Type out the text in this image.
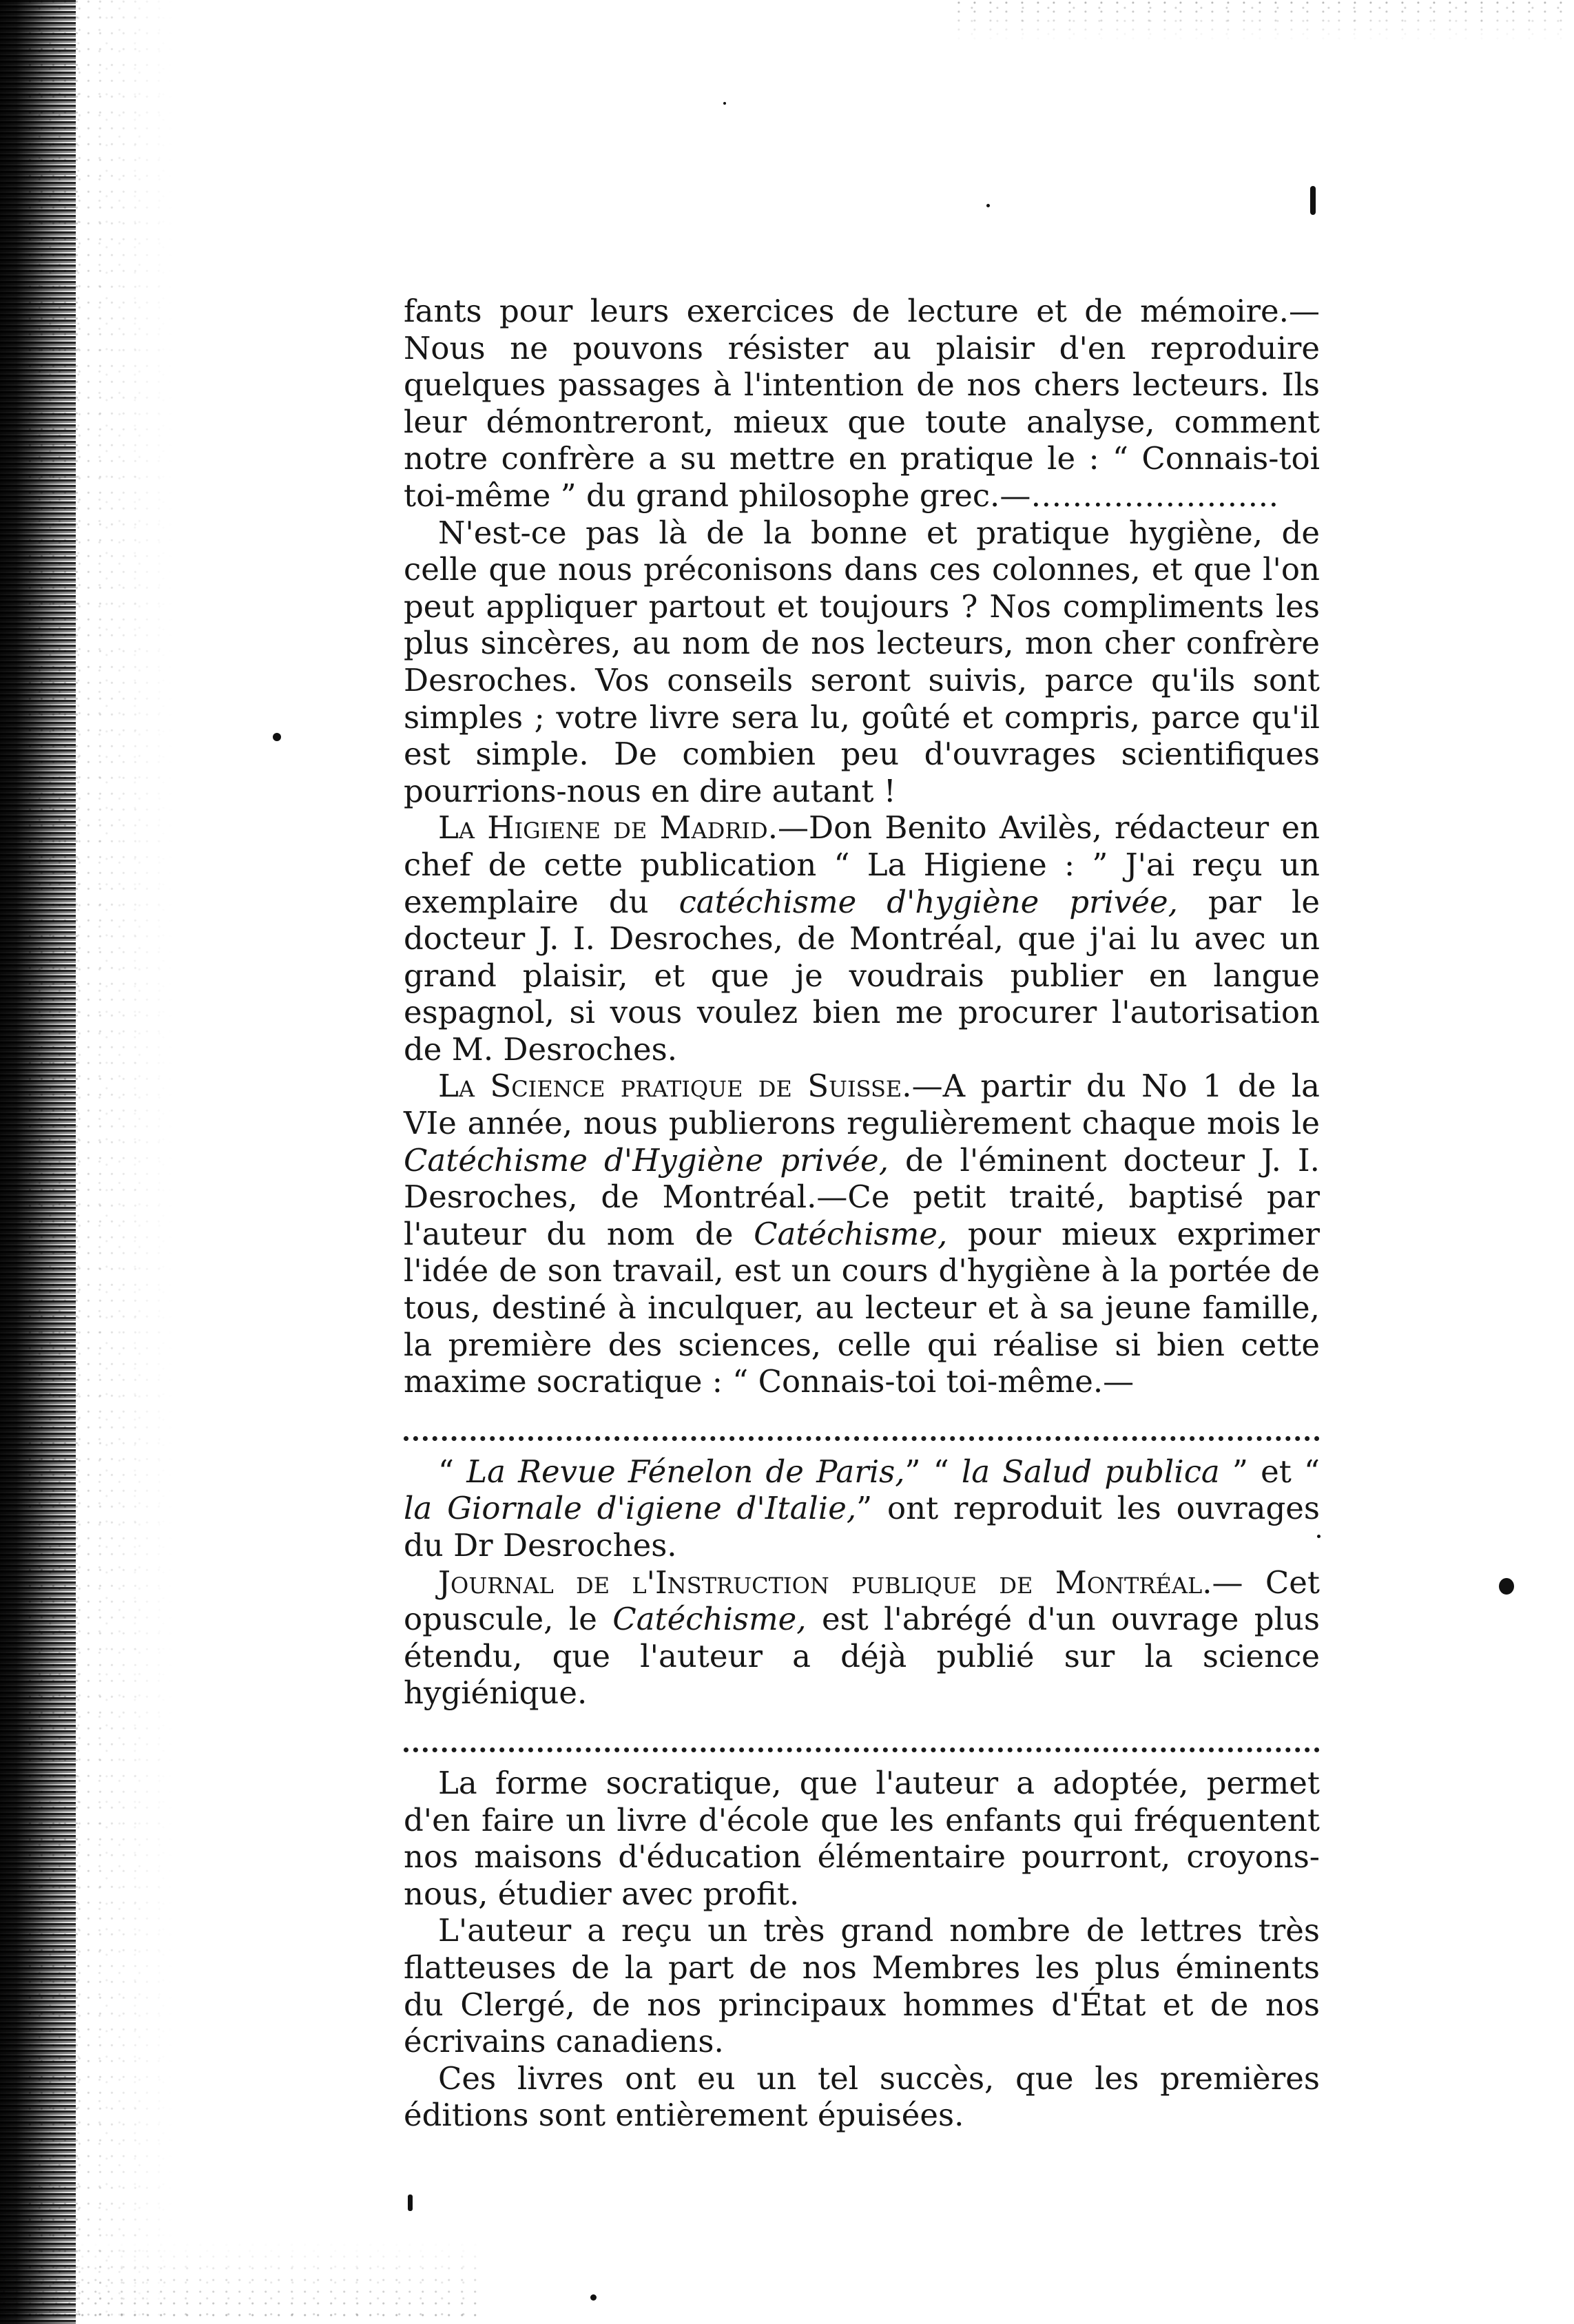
fants pour leurs exercices de lecture et de mémoire.—Nous ne pouvons résister au plaisir d'en reproduire quelques passages à l'intention de nos chers lecteurs. Ils leur démontreront, mieux que toute analyse, comment notre confrère a su mettre en pratique le : “ Connais-toi toi-même ” du grand philosophe grec.—……………………

N'est-ce pas là de la bonne et pratique hygiène, de celle que nous préconisons dans ces colonnes, et que l'on peut appliquer partout et toujours ? Nos compliments les plus sincères, au nom de nos lecteurs, mon cher confrère Desroches. Vos conseils seront suivis, parce qu'ils sont simples ; votre livre sera lu, goûté et compris, parce qu'il est simple. De combien peu d'ouvrages scientifiques pourrions-nous en dire autant !

La Higiene de Madrid.—Don Benito Avilès, rédacteur en chef de cette publication “ La Higiene : ” J'ai reçu un exemplaire du catéchisme d'hygiène privée, par le docteur J. I. Desroches, de Montréal, que j'ai lu avec un grand plaisir, et que je voudrais publier en langue espagnol, si vous voulez bien me procurer l'autorisation de M. Desroches.

La Science pratique de Suisse.—A partir du No 1 de la VIe année, nous publierons regulièrement chaque mois le Catéchisme d'Hygiène privée, de l'éminent docteur J. I. Desroches, de Montréal.—Ce petit traité, baptisé par l'auteur du nom de Catéchisme, pour mieux exprimer l'idée de son travail, est un cours d'hygiène à la portée de tous, destiné à inculquer, au lecteur et à sa jeune famille, la première des sciences, celle qui réalise si bien cette maxime socratique : “ Connais-toi toi-même.—

“ La Revue Fénelon de Paris,” “ la Salud publica ” et “ la Giornale d'igiene d'Italie,” ont reproduit les ouvrages du Dr Desroches.

Journal de l'Instruction publique de Montréal.— Cet opuscule, le Catéchisme, est l'abrégé d'un ouvrage plus étendu, que l'auteur a déjà publié sur la science hygiénique.

La forme socratique, que l'auteur a adoptée, permet d'en faire un livre d'école que les enfants qui fréquentent nos maisons d'éducation élémentaire pourront, croyons-nous, étudier avec profit.

L'auteur a reçu un très grand nombre de lettres très flatteuses de la part de nos Membres les plus éminents du Clergé, de nos principaux hommes d'État et de nos écrivains canadiens.

Ces livres ont eu un tel succès, que les premières éditions sont entièrement épuisées.
